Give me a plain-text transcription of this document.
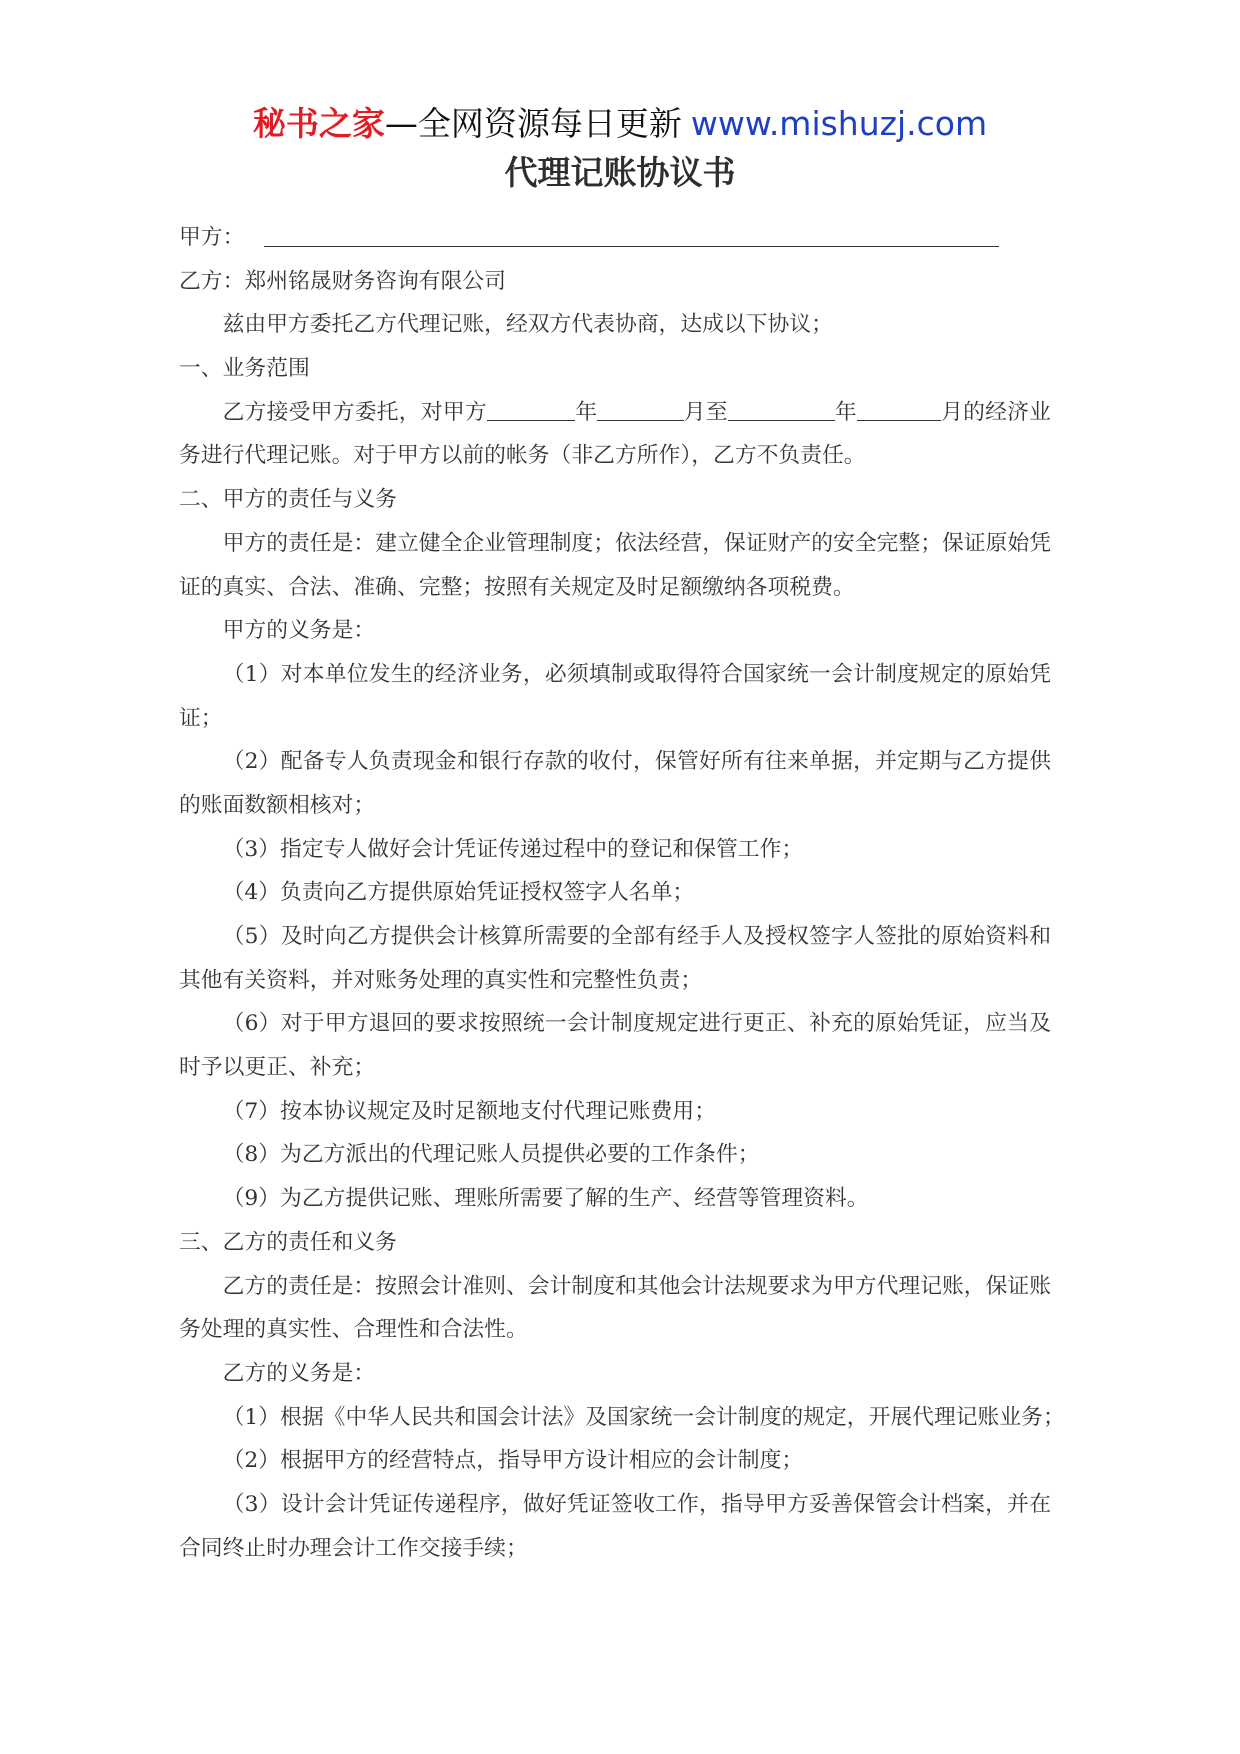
秘书之家—全网资源每日更新 www.mishuzj.com
代理记账协议书
甲方：
乙方：郑州铭晟财务咨询有限公司
兹由甲方委托乙方代理记账，经双方代表协商，达成以下协议；
一、业务范围
乙方接受甲方委托，对甲方	年	月至	年	月的经济业
务进行代理记账。对于甲方以前的帐务（非乙方所作），乙方不负责任。
二、甲方的责任与义务
甲方的责任是：建立健全企业管理制度；依法经营，保证财产的安全完整；保证原始凭
证的真实、合法、准确、完整；按照有关规定及时足额缴纳各项税费。
甲方的义务是：
（1）对本单位发生的经济业务，必须填制或取得符合国家统一会计制度规定的原始凭
证；
（2）配备专人负责现金和银行存款的收付，保管好所有往来单据，并定期与乙方提供
的账面数额相核对；
（3）指定专人做好会计凭证传递过程中的登记和保管工作；
（4）负责向乙方提供原始凭证授权签字人名单；
（5）及时向乙方提供会计核算所需要的全部有经手人及授权签字人签批的原始资料和
其他有关资料，并对账务处理的真实性和完整性负责；
（6）对于甲方退回的要求按照统一会计制度规定进行更正、补充的原始凭证，应当及
时予以更正、补充；
（7）按本协议规定及时足额地支付代理记账费用；
（8）为乙方派出的代理记账人员提供必要的工作条件；
（9）为乙方提供记账、理账所需要了解的生产、经营等管理资料。
三、乙方的责任和义务
乙方的责任是：按照会计准则、会计制度和其他会计法规要求为甲方代理记账，保证账
务处理的真实性、合理性和合法性。
乙方的义务是：
（1）根据《中华人民共和国会计法》及国家统一会计制度的规定，开展代理记账业务；
（2）根据甲方的经营特点，指导甲方设计相应的会计制度；
（3）设计会计凭证传递程序，做好凭证签收工作，指导甲方妥善保管会计档案，并在
合同终止时办理会计工作交接手续；
